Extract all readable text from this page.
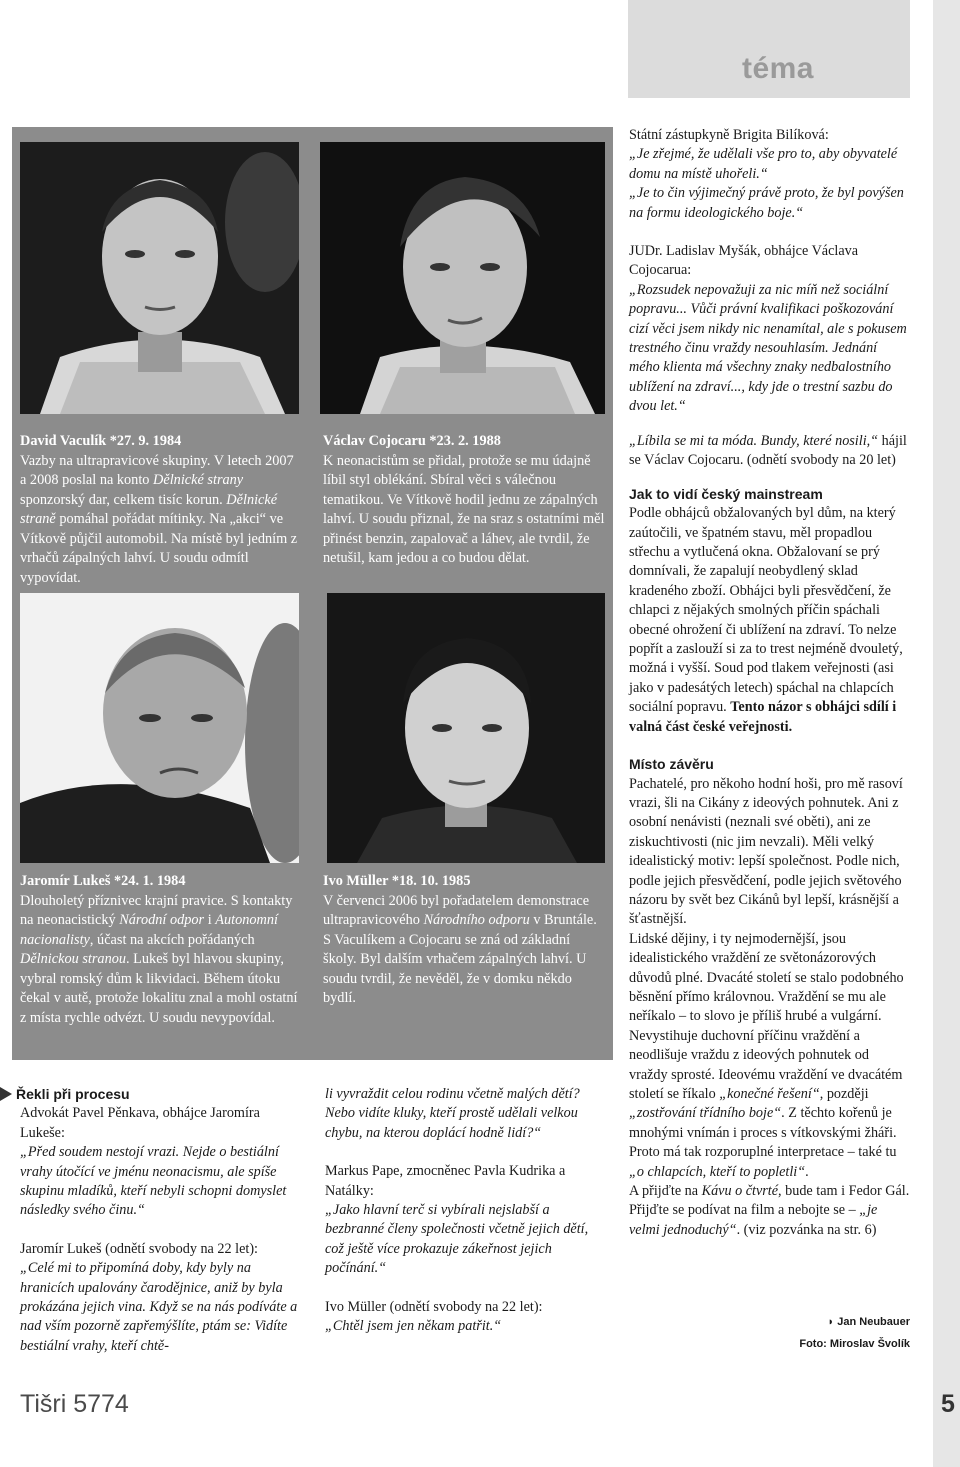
téma
David Vaculík *27. 9. 1984

Vazby na ultrapravicové skupiny. V letech 2007 a 2008 poslal na konto Dělnické strany sponzorský dar, celkem tisíc korun. Dělnické straně pomáhal pořádat mítinky. Na „akci“ ve Vítkově půjčil automobil. Na místě byl jedním z vrhačů zápalných lahví. U soudu odmítl vypovídat.

Václav Cojocaru *23. 2. 1988

K neonacistům se přidal, protože se mu údajně líbil styl oblékání. Sbíral věci s válečnou tematikou. Ve Vítkově hodil jednu ze zápalných lahví. U soudu přiznal, že na sraz s ostatními měl přinést benzin, zapalovač a láhev, ale tvrdil, že netušil, kam jedou a co budou dělat.

Jaromír Lukeš *24. 1. 1984

Dlouholetý příznivec krajní pravice. S kontakty na neonacistický Národní odpor i Autonomní nacionalisty, účast na akcích pořádaných Dělnickou stranou. Lukeš byl hlavou skupiny, vybral romský dům k likvidaci. Během útoku čekal v autě, protože lokalitu znal a mohl ostatní z místa rychle odvézt. U soudu nevypovídal.

Ivo Müller *18. 10. 1985

V červenci 2006 byl pořadatelem demonstrace ultrapravicového Národního odporu v Bruntále. S Vaculíkem a Cojocaru se zná od základní školy. Byl dalším vrhačem zápalných lahví. U soudu tvrdil, že nevěděl, že v domku někdo bydlí.

Státní zástupkyně Brigita Bilíková:

„Je zřejmé, že udělali vše pro to, aby obyvatelé domu na místě uhořeli.“

„Je to čin výjimečný právě proto, že byl povýšen na formu ideologického boje.“

JUDr. Ladislav Myšák, obhájce Václava Cojocarua:

„Rozsudek nepovažuji za nic míň než sociální popravu... Vůči právní kvalifikaci poškozování cizí věci jsem nikdy nic nenamítal, ale s pokusem trestného činu vraždy nesouhlasím. Jednání mého klienta má všechny znaky nedbalostního ublížení na zdraví..., kdy jde o trestní sazbu do dvou let.“

„Líbila se mi ta móda. Bundy, které nosili,“ hájil se Václav Cojocaru. (odnětí svobody na 20 let)

Jak to vidí český mainstream

Podle obhájců obžalovaných byl dům, na který zaútočili, ve špatném stavu, měl propadlou střechu a vytlučená okna. Obžalovaní se prý domnívali, že zapalují neobydlený sklad kradeného zboží. Obhájci byli přesvědčení, že chlapci z nějakých smolných příčin spáchali obecné ohrožení či ublížení na zdraví. To nelze popřít a zaslouží si za to trest nejméně dvouletý, možná i vyšší. Soud pod tlakem veřejnosti (asi jako v padesátých letech) spáchal na chlapcích sociální popravu. Tento názor s obhájci sdílí i valná část české veřejnosti.

Místo závěru

Pachatelé, pro někoho hodní hoši, pro mě rasoví vrazi, šli na Cikány z ideových pohnutek. Ani z osobní nenávisti (neznali své oběti), ani ze ziskuchtivosti (nic jim nevzali). Měli velký idealistický motiv: lepší společnost. Podle nich, podle jejich přesvědčení, podle jejich světového názoru by svět bez Cikánů byl lepší, krásnější a šťastnější.

Lidské dějiny, i ty nejmodernější, jsou idealistického vraždění ze světonázorových důvodů plné. Dvacáté století se stalo podobného běsnění přímo královnou. Vraždění se mu ale neříkalo – to slovo je příliš hrubé a vulgární. Nevystihuje duchovní příčinu vraždění a neodlišuje vraždu z ideových pohnutek od vraždy sprosté. Ideovému vraždění ve dvacátém století se říkalo „konečné řešení“, později „zostřování třídního boje“. Z těchto kořenů je mnohými vnímán i proces s vítkovskými žháři. Proto má tak rozporuplné interpretace – také tu „o chlapcích, kteří to popletli“.

A přijďte na Kávu o čtvrté, bude tam i Fedor Gál. Přijďte se podívat na film a nebojte se – „je velmi jednoduchý“. (viz pozvánka na str. 6)

◗ Jan Neubauer
Foto: Miroslav Švolík
Řekli při procesu

Advokát Pavel Pěnkava, obhájce Jaromíra Lukeše:

„Před soudem nestojí vrazi. Nejde o bestiální vrahy útočící ve jménu neonacismu, ale spíše skupinu mladíků, kteří nebyli schopni domyslet následky svého činu.“

Jaromír Lukeš (odnětí svobody na 22 let):

„Celé mi to připomíná doby, kdy byly na hranicích upalovány čarodějnice, aniž by byla prokázána jejich vina. Když se na nás podíváte a nad vším pozorně zapřemýšlíte, ptám se: Vidíte bestiální vrahy, kteří chtě-

li vyvraždit celou rodinu včetně malých dětí? Nebo vidíte kluky, kteří prostě udělali velkou chybu, na kterou doplácí hodně lidí?“

Markus Pape, zmocněnec Pavla Kudrika a Natálky:

„Jako hlavní terč si vybírali nejslabší a bezbranné členy společnosti včetně jejich dětí, což ještě více prokazuje zákeřnost jejich počínání.“

Ivo Müller (odnětí svobody na 22 let):

„Chtěl jsem jen někam patřit.“

Tišri 5774	5
